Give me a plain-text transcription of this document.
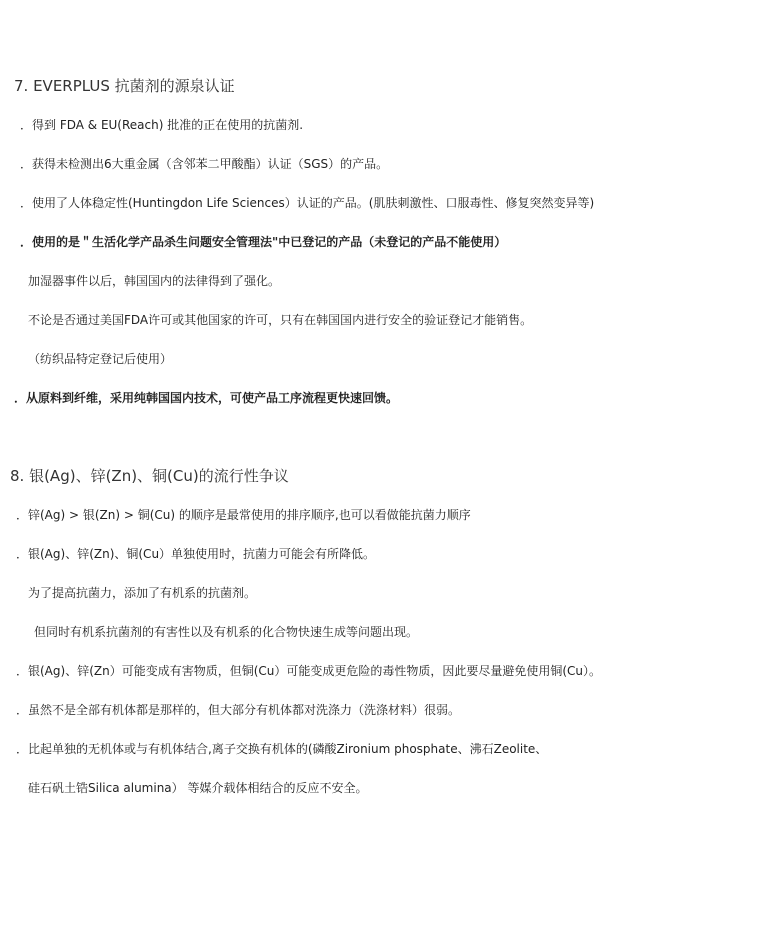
7. EVERPLUS 抗菌剂的源泉认证
．得到 FDA & EU(Reach) 批准的正在使用的抗菌剂.
．获得未检测出6大重金属（含邻苯二甲酸酯）认证（SGS）的产品。
．使用了人体稳定性(Huntingdon Life Sciences）认证的产品。(肌肤刺激性、口服毒性、修复突然变异等)
．使用的是＂生活化学产品杀生问题安全管理法"中已登记的产品（未登记的产品不能使用）
加湿器事件以后，韩国国内的法律得到了强化。
不论是否通过美国FDA许可或其他国家的许可，只有在韩国国内进行安全的验证登记才能销售。
（纺织品特定登记后使用）
．从原料到纤维，采用纯韩国国内技术，可使产品工序流程更快速回馈。
8. 银(Ag)、锌(Zn)、铜(Cu)的流行性争议
．锌(Ag) > 银(Zn) > 铜(Cu) 的顺序是最常使用的排序顺序,也可以看做能抗菌力顺序
．银(Ag)、锌(Zn)、铜(Cu）单独使用时，抗菌力可能会有所降低。
为了提高抗菌力，添加了有机系的抗菌剂。
但同时有机系抗菌剂的有害性以及有机系的化合物快速生成等问题出现。
．银(Ag)、锌(Zn）可能变成有害物质，但铜(Cu）可能变成更危险的毒性物质，因此要尽量避免使用铜(Cu）。
．虽然不是全部有机体都是那样的，但大部分有机体都对洗涤力（洗涤材料）很弱。
．比起单独的无机体或与有机体结合,离子交换有机体的(磷酸Zironium phosphate、沸石Zeolite、
硅石矾土锆Silica alumina） 等媒介载体相结合的反应不安全。
